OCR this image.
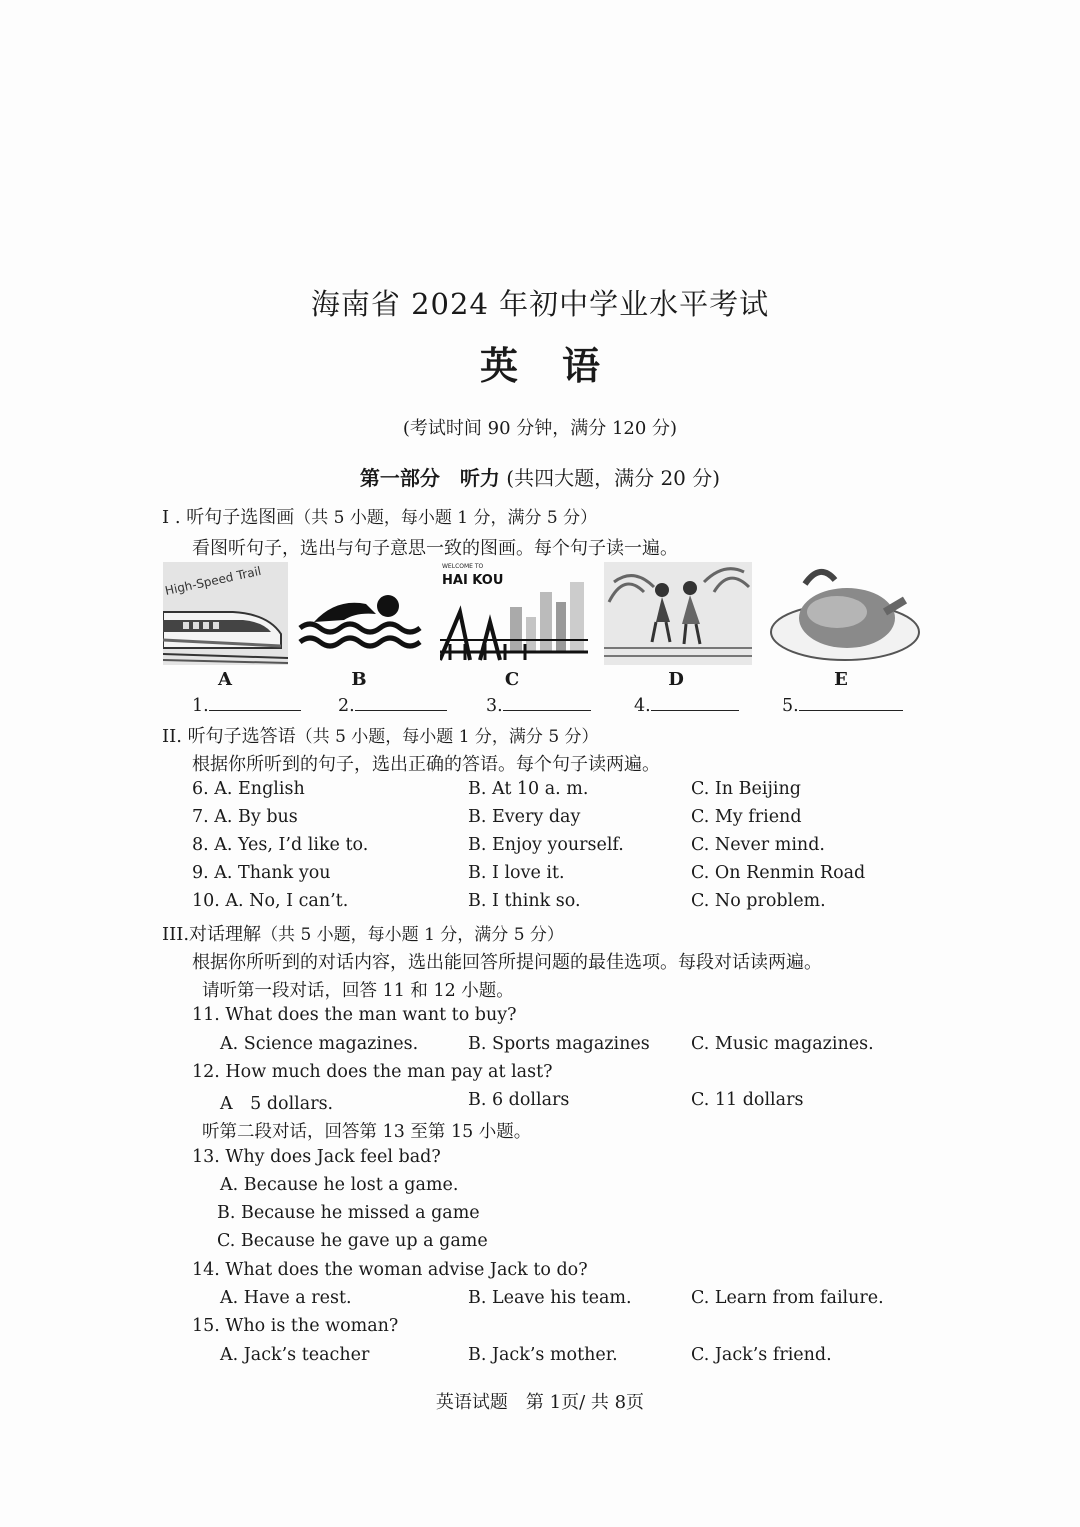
海南省 2024 年初中学业水平考试
英语
(考试时间 90 分钟，满分 120 分)
第一部分　听力 (共四大题，满分 20 分)
I . 听句子选图画（共 5 小题，每小题 1 分，满分 5 分）
看图听句子，选出与句子意思一致的图画。每个句子读一遍。
High-Speed Trail	WELCOME TO
HAI KOU
A	B	C	D	E
1.	2.	3.	4.	5.
II. 听句子选答语（共 5 小题，每小题 1 分，满分 5 分）
根据你所听到的句子，选出正确的答语。每个句子读两遍。
6. A. English	B. At 10 a. m.	C. In Beijing
7. A. By bus	B. Every day	C. My friend
8. A. Yes, I’d like to.	B. Enjoy yourself.	C. Never mind.
9. A. Thank you	B. I love it.	C. On Renmin Road
10. A. No, I can’t.	B. I think so.	C. No problem.
III.对话理解（共 5 小题，每小题 1 分，满分 5 分）
根据你所听到的对话内容，选出能回答所提问题的最佳选项。每段对话读两遍。
请听第一段对话，回答 11 和 12 小题。
11. What does the man want to buy?
A. Science magazines.	B. Sports magazines C. Music magazines.
12. How much does the man pay at last?
A　5 dollars.	B. 6 dollars	C. 11 dollars
听第二段对话，回答第 13 至第 15 小题。
13. Why does Jack feel bad?
A. Because he lost a game.
B. Because he missed a game
C. Because he gave up a game
14. What does the woman advise Jack to do?
A. Have a rest.	B. Leave his team.	C. Learn from failure.
15. Who is the woman?
A. Jack’s teacher	B. Jack’s mother.	C. Jack’s friend.
英语试题　第 1页/ 共 8页
